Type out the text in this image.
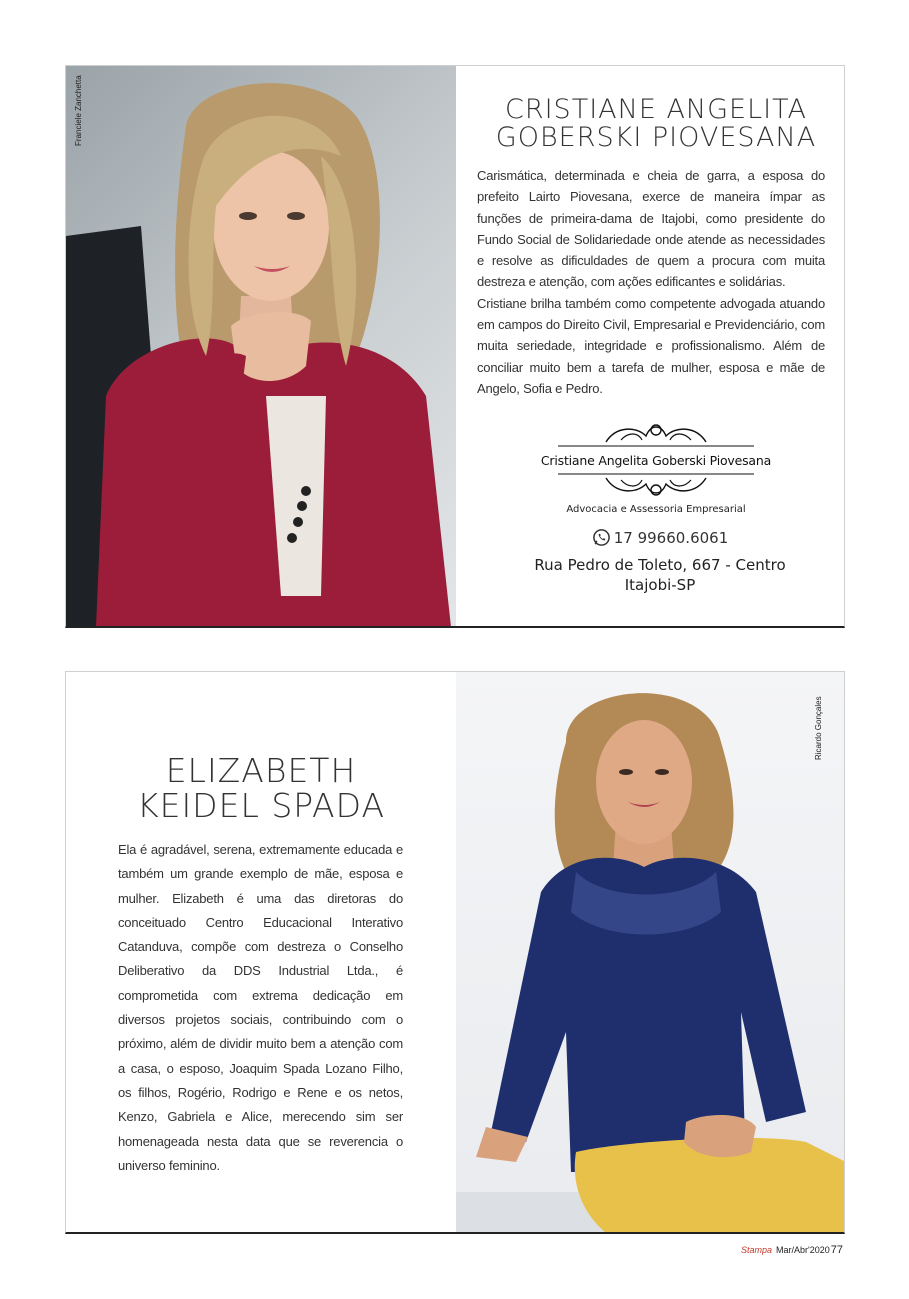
Franciele Zanchetta	CRISTIANE ANGELITA
GOBERSKI PIOVESANA

Carismática, determinada e cheia de garra, a esposa do prefeito Lairto Piovesana, exerce de maneira ímpar as funções de primeira-dama de Itajobi, como presidente do Fundo Social de Solidariedade onde atende as necessidades e resolve as dificuldades de quem a procura com muita destreza e atenção, com ações edificantes e solidárias.

Cristiane brilha também como competente advogada atuando em campos do Direito Civil, Empresarial e Previdenciário, com muita seriedade, integridade e profissionalismo. Além de conciliar muito bem a tarefa de mulher, esposa e mãe de Angelo, Sofia e Pedro.

Cristiane Angelita Goberski Piovesana
Advocacia e Assessoria Empresarial
17 99660.6061
Rua Pedro de Toleto, 667 - Centro
Itajobi-SP
ELIZABETH
KEIDEL SPADA

Ela é agradável, serena, extremamente educada e também um grande exemplo de mãe, esposa e mulher. Elizabeth é uma das diretoras do conceituado Centro Educacional Interativo Catanduva, compõe com destreza o Conselho Deliberativo da DDS Industrial Ltda., é comprometida com extrema dedicação em diversos projetos sociais, contribuindo com o próximo, além de dividir muito bem a atenção com a casa, o esposo, Joaquim Spada Lozano Filho, os filhos, Rogério, Rodrigo e Rene e os netos, Kenzo, Gabriela e Alice, merecendo sim ser homenageada nesta data que se reverencia o universo feminino.

Ricardo Gonçales
Stampa Mar/Abr'202077
